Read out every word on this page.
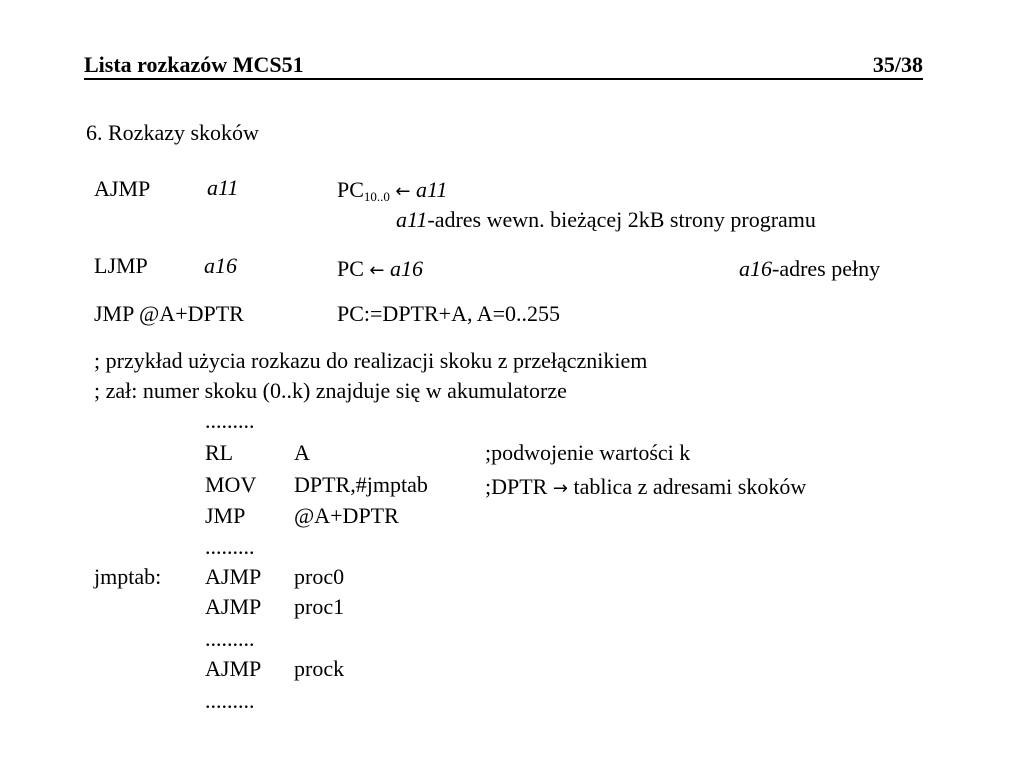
Lista rozkazów MCS51	35/38
6. Rozkazy skoków
AJMP	a11	$PC_{10..0}$ ← a11
a11-adres wewn. bieżącej 2kB strony programu
LJMP	a16	PC ← a16	a16-adres pełny
JMP @A+DPTR	PC:=DPTR+A, A=0..255
; przykład użycia rozkazu do realizacji skoku z przełącznikiem
; zał: numer skoku (0..k) znajduje się w akumulatorze
.........
RL	A	;podwojenie wartości k
MOV DPTR,#jmptab	;DPTR → tablica z adresami skoków
JMP @A+DPTR
.........
jmptab: AJMP proc0
AJMP proc1
.........
AJMP prock
.........
